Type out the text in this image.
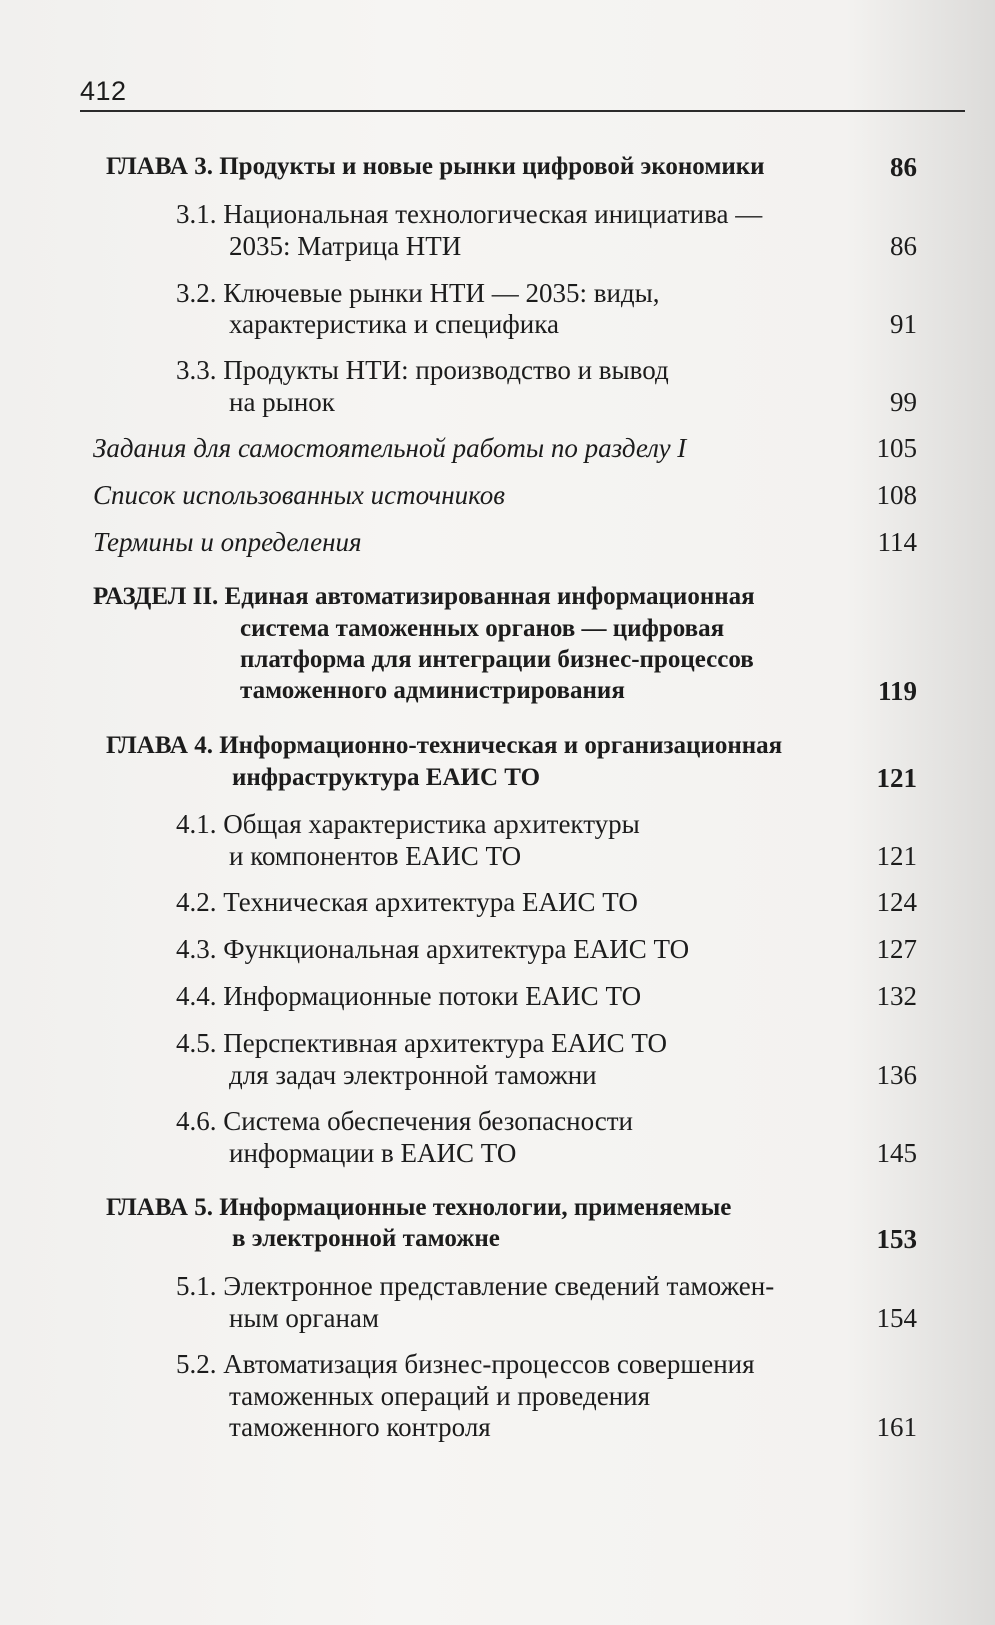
412
ГЛАВА 3. Продукты и новые рынки цифровой экономики	86
3.1. Национальная технологическая инициатива —
2035: Матрица НТИ	86
3.2. Ключевые рынки НТИ — 2035: виды,
характеристика и специфика	91
3.3. Продукты НТИ: производство и вывод
на рынок	99
Задания для самостоятельной работы по разделу I	105
Список использованных источников	108
Термины и определения	114
РАЗДЕЛ II. Единая автоматизированная информационная
система таможенных органов — цифровая
платформа для интеграции бизнес-процессов
таможенного администрирования	119
ГЛАВА 4. Информационно-техническая и организационная
инфраструктура ЕАИС ТО	121
4.1. Общая характеристика архитектуры
и компонентов ЕАИС ТО	121
4.2. Техническая архитектура ЕАИС ТО	124
4.3. Функциональная архитектура ЕАИС ТО	127
4.4. Информационные потоки ЕАИС ТО	132
4.5. Перспективная архитектура ЕАИС ТО
для задач электронной таможни	136
4.6. Система обеспечения безопасности
информации в ЕАИС ТО	145
ГЛАВА 5. Информационные технологии, применяемые
в электронной таможне	153
5.1. Электронное представление сведений таможен-
ным органам	154
5.2. Автоматизация бизнес-процессов совершения
таможенных операций и проведения
таможенного контроля	161
